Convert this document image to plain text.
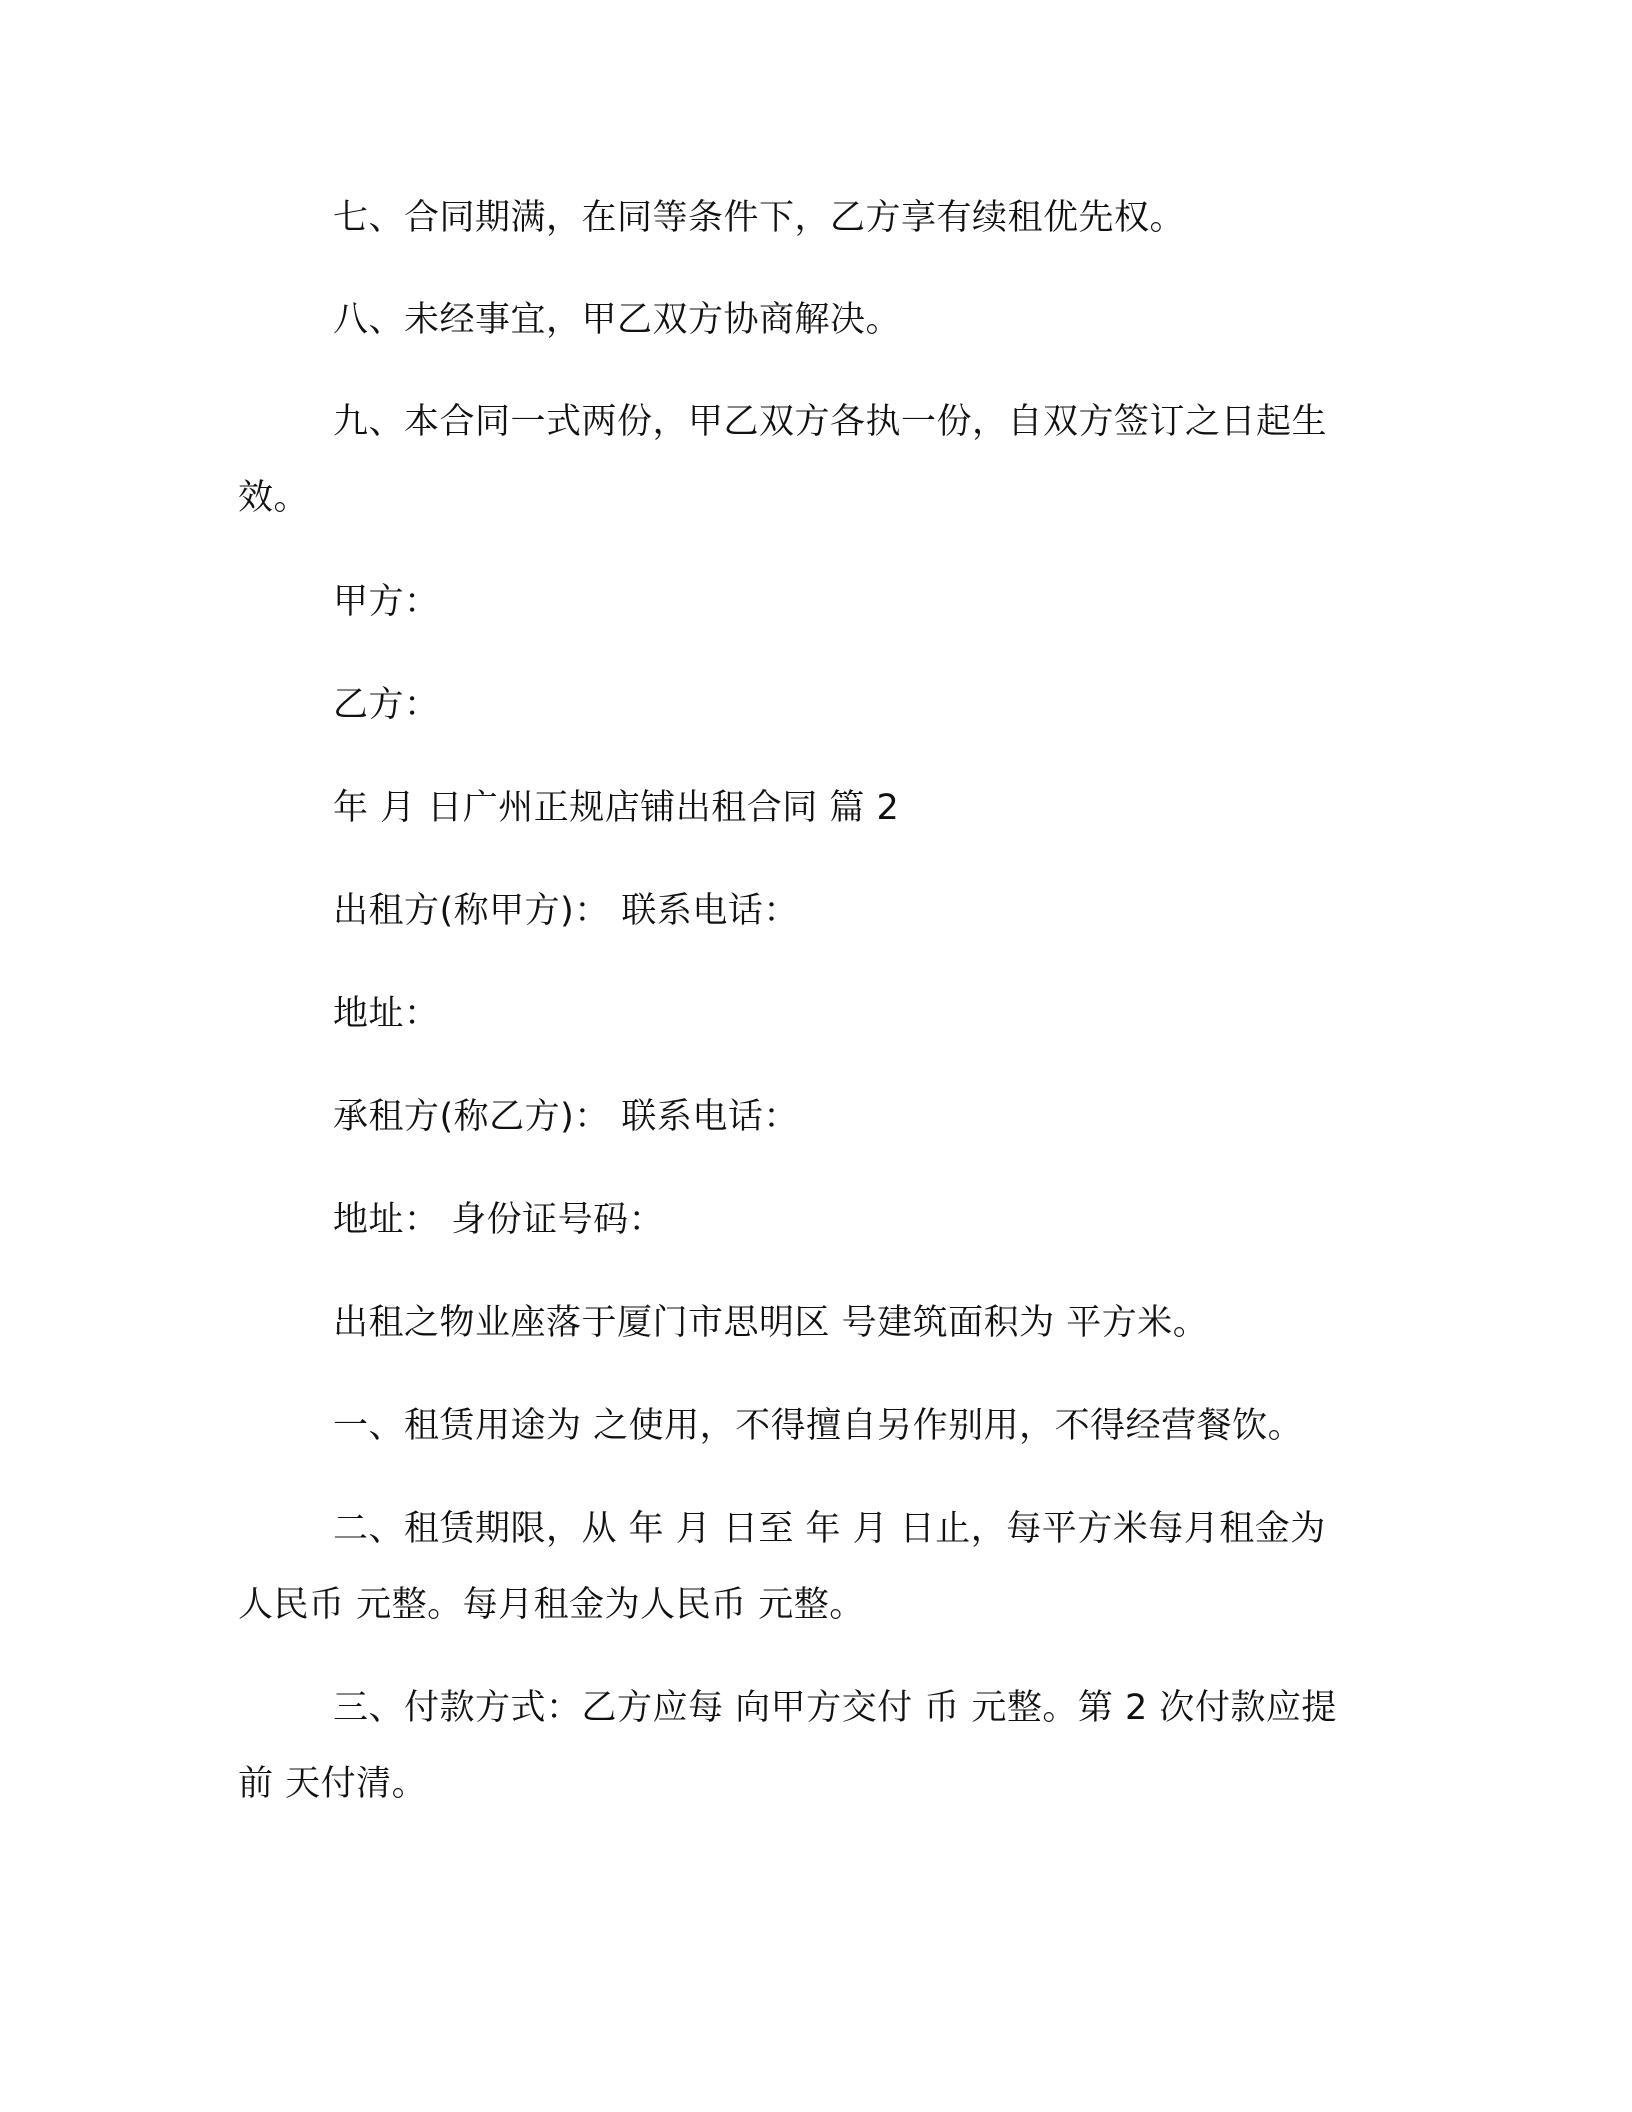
七、合同期满，在同等条件下，乙方享有续租优先权。
八、未经事宜，甲乙双方协商解决。
九、本合同一式两份，甲乙双方各执一份，自双方签订之日起生
效。
甲方：
乙方：
年 月 日广州正规店铺出租合同 篇 2
出租方(称甲方)： 联系电话：
地址：
承租方(称乙方)： 联系电话：
地址： 身份证号码：
出租之物业座落于厦门市思明区 号建筑面积为 平方米。
一、租赁用途为 之使用，不得擅自另作别用，不得经营餐饮。
二、租赁期限，从 年 月 日至 年 月 日止，每平方米每月租金为
人民币 元整。每月租金为人民币 元整。
三、付款方式：乙方应每 向甲方交付 币 元整。第 2 次付款应提
前 天付清。
